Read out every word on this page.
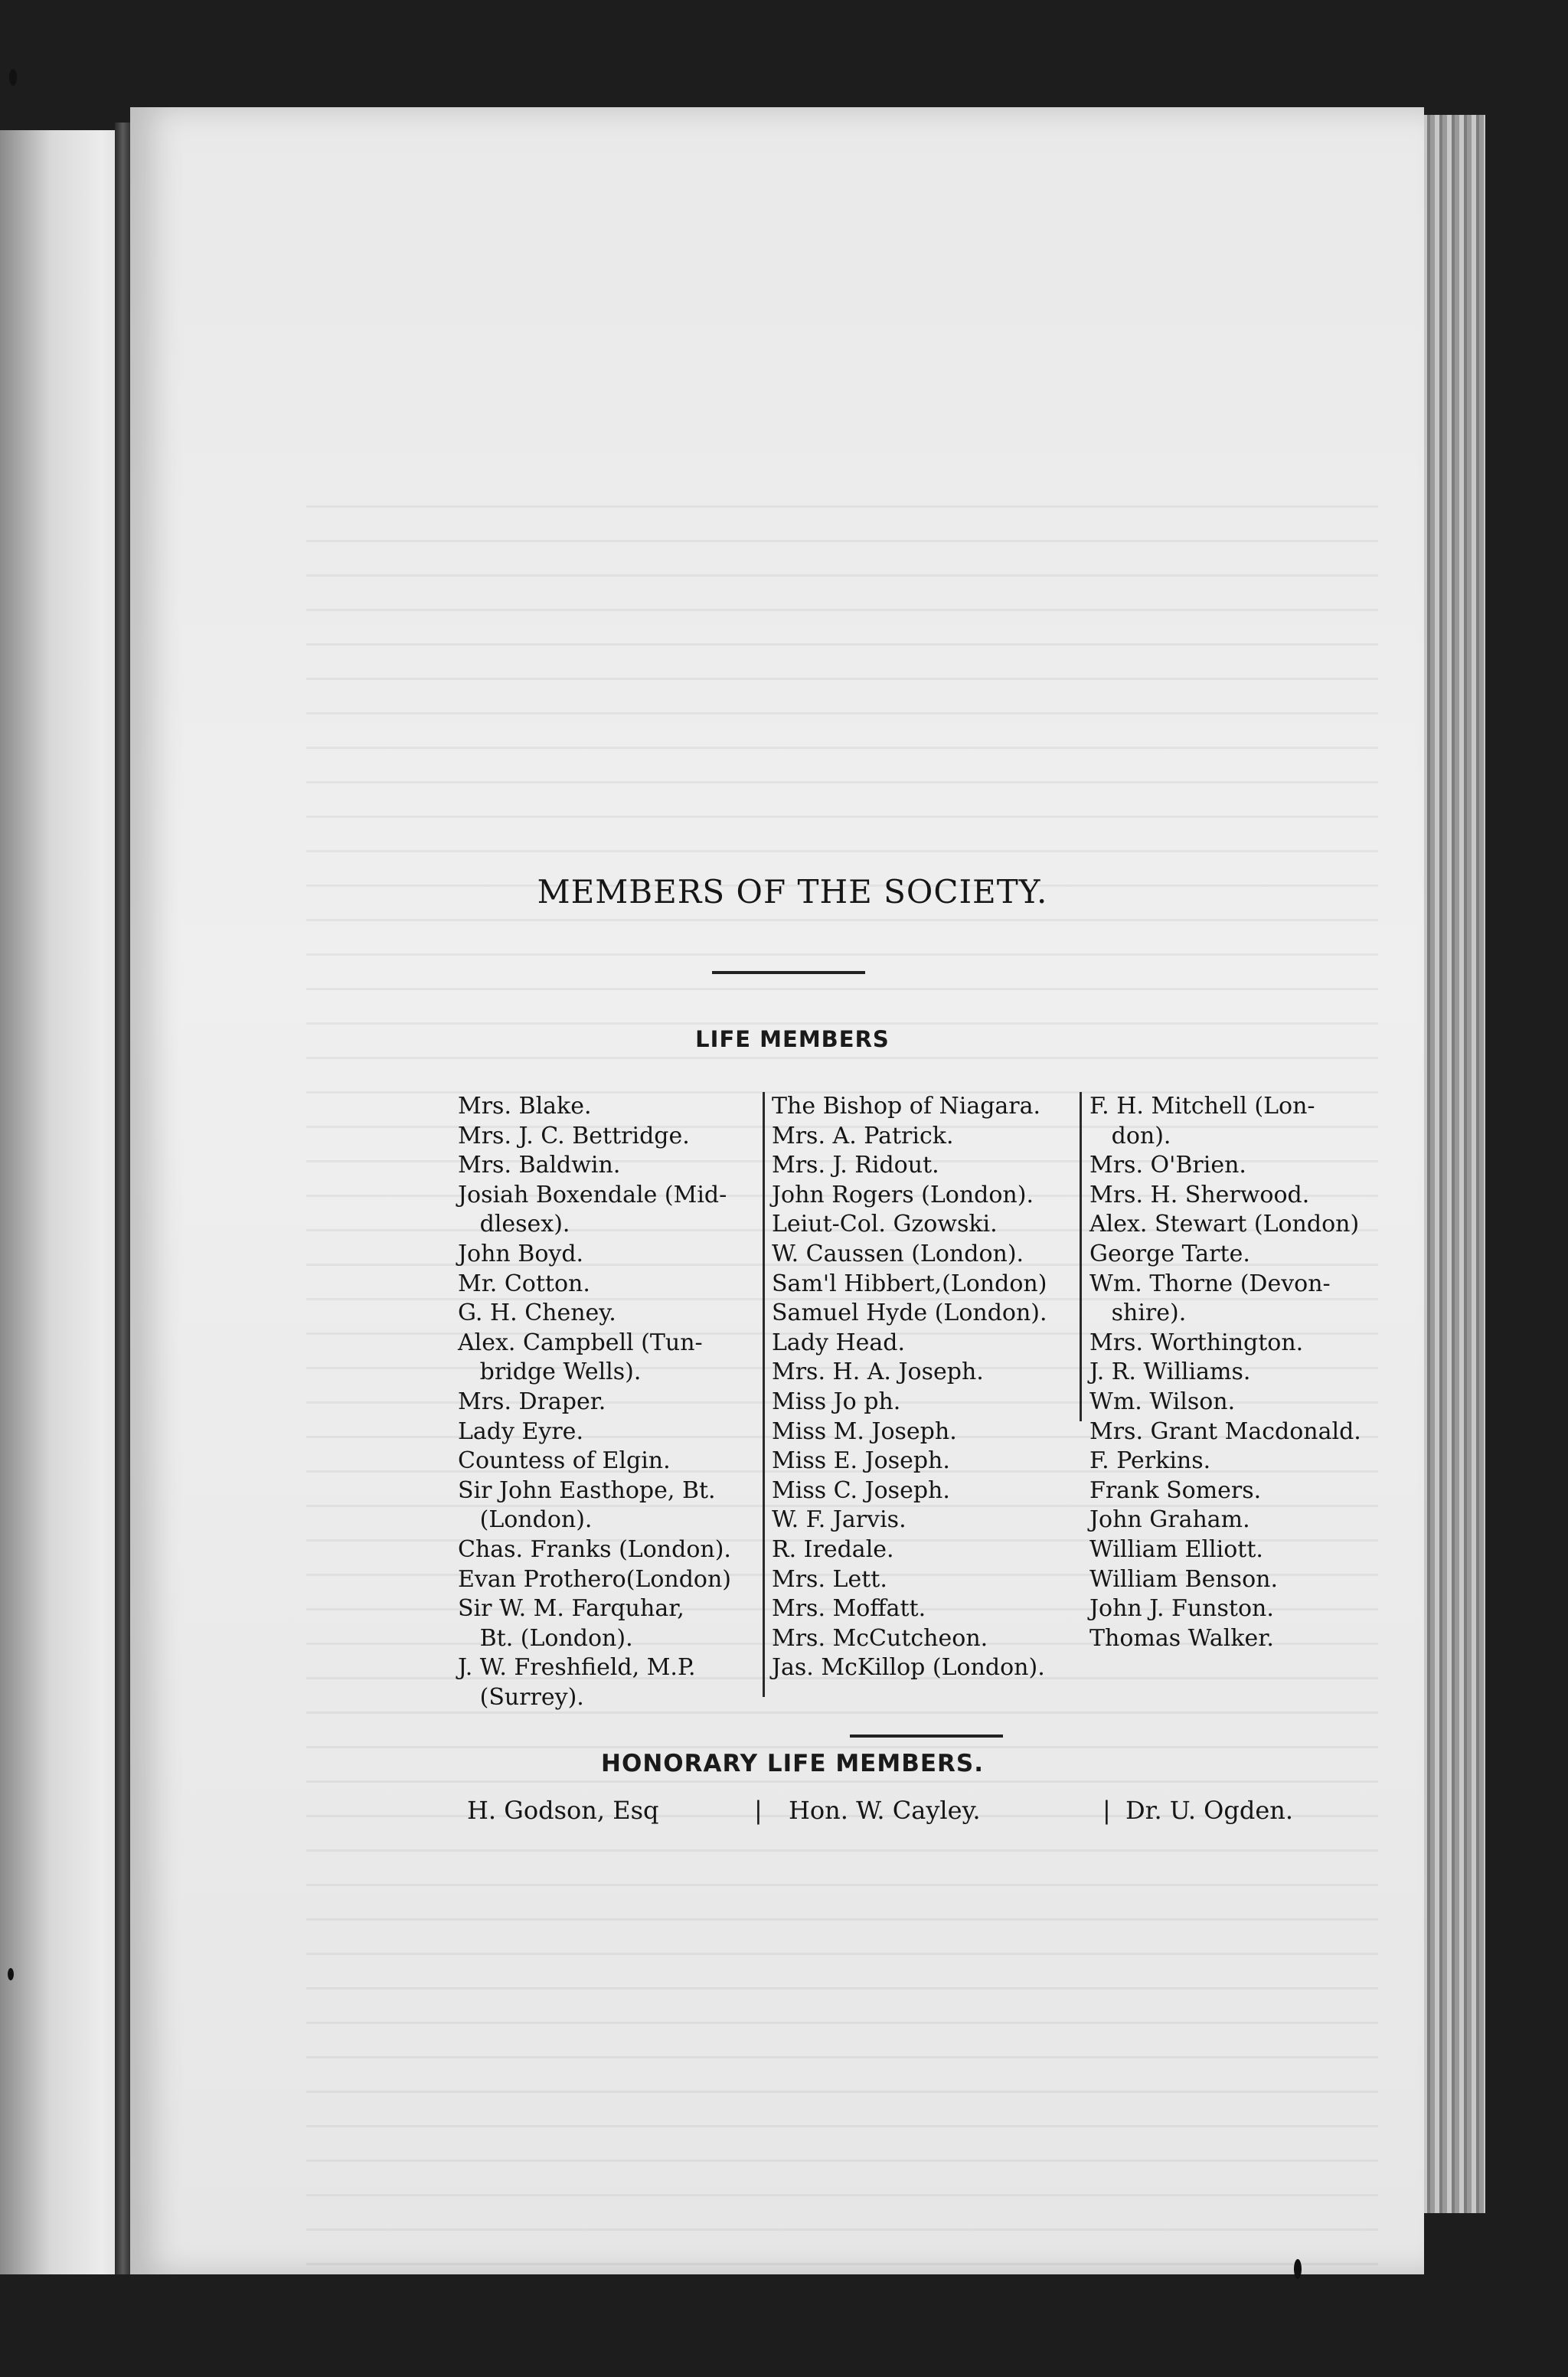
MEMBERS OF THE SOCIETY.
LIFE MEMBERS

Mrs. Blake.

Mrs. J. C. Bettridge.

Mrs. Baldwin.

Josiah Boxendale (Mid-

dlesex).

John Boyd.

Mr. Cotton.

G. H. Cheney.

Alex. Campbell (Tun-

bridge Wells).

Mrs. Draper.

Lady Eyre.

Countess of Elgin.

Sir John Easthope, Bt.

(London).

Chas. Franks (London).

Evan Prothero(London)

Sir W. M. Farquhar,

Bt. (London).

J. W. Freshfield, M.P.

(Surrey).

The Bishop of Niagara.

Mrs. A. Patrick.

Mrs. J. Ridout.

John Rogers (London).

Leiut-Col. Gzowski.

W. Caussen (London).

Sam'l Hibbert,(London)

Samuel Hyde (London).

Lady Head.

Mrs. H. A. Joseph.

Miss Jo ph.

Miss M. Joseph.

Miss E. Joseph.

Miss C. Joseph.

W. F. Jarvis.

R. Iredale.

Mrs. Lett.

Mrs. Moffatt.

Mrs. McCutcheon.

Jas. McKillop (London).

F. H. Mitchell (Lon-

don).

Mrs. O'Brien.

Mrs. H. Sherwood.

Alex. Stewart (London)

George Tarte.

Wm. Thorne (Devon-

shire).

Mrs. Worthington.

J. R. Williams.

Wm. Wilson.

Mrs. Grant Macdonald.

F. Perkins.

Frank Somers.

John Graham.

William Elliott.

William Benson.

John J. Funston.

Thomas Walker.

HONORARY LIFE MEMBERS.

H. Godson, Esq

	|

Hon. W. Cayley.

	|

Dr. U. Ogden.
